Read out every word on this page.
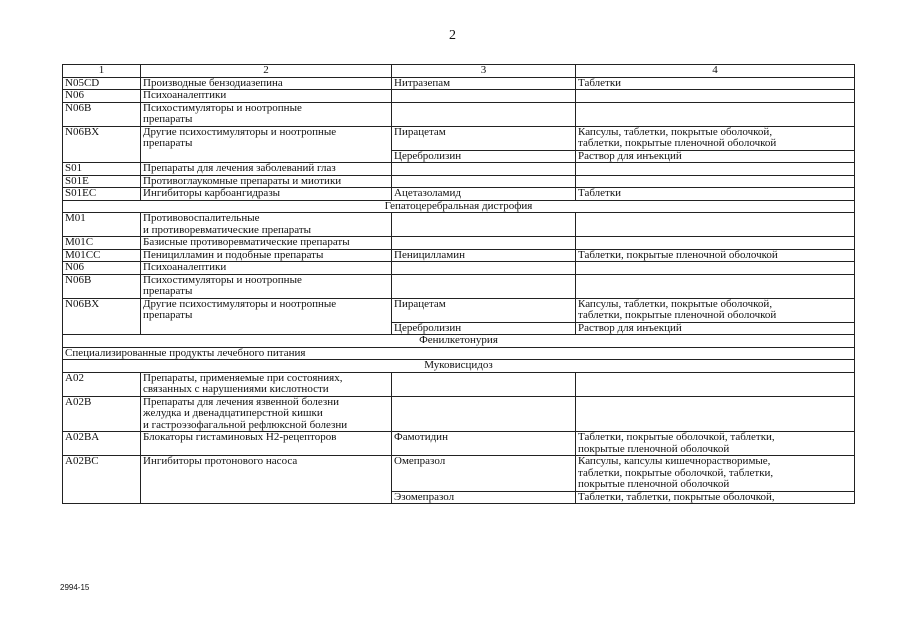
2
1	2	3	4
N05CD	Производные бензодиазепина	Нитразепам	Таблетки
N06	Психоаналептики		
N06B	Психостимуляторы и ноотропные
препараты		
N06BX	Другие психостимуляторы и ноотропные
препараты	Пирацетам	Капсулы, таблетки, покрытые оболочкой,
таблетки, покрытые пленочной оболочкой
		Церебролизин	Раствор для инъекций
S01	Препараты для лечения заболеваний глаз		
S01E	Противоглаукомные препараты и миотики		
S01EC	Ингибиторы карбоангидразы	Ацетазоламид	Таблетки
Гепатоцеребральная дистрофия			
M01	Противовоспалительные
и противоревматические препараты		
M01C	Базисные противоревматические препараты		
M01CC	Пеницилламин и подобные препараты	Пеницилламин	Таблетки, покрытые пленочной оболочкой
N06	Психоаналептики		
N06B	Психостимуляторы и ноотропные
препараты		
N06BX	Другие психостимуляторы и ноотропные
препараты	Пирацетам	Капсулы, таблетки, покрытые оболочкой,
таблетки, покрытые пленочной оболочкой
		Церебролизин	Раствор для инъекций
Фенилкетонурия			
Специализированные продукты лечебного питания			
Муковисцидоз			
A02	Препараты, применяемые при состояниях,
связанных с нарушениями кислотности		
A02B	Препараты для лечения язвенной болезни
желудка и двенадцатиперстной кишки
и гастроэзофагальной рефлюксной болезни		
A02BA	Блокаторы гистаминовых Н2-рецепторов	Фамотидин	Таблетки, покрытые оболочкой, таблетки,
покрытые пленочной оболочкой
A02BC	Ингибиторы протонового насоса	Омепразол	Капсулы, капсулы кишечнорастворимые,
таблетки, покрытые оболочкой, таблетки,
покрытые пленочной оболочкой
		Эзомепразол	Таблетки, таблетки, покрытые оболочкой,
2994-15
